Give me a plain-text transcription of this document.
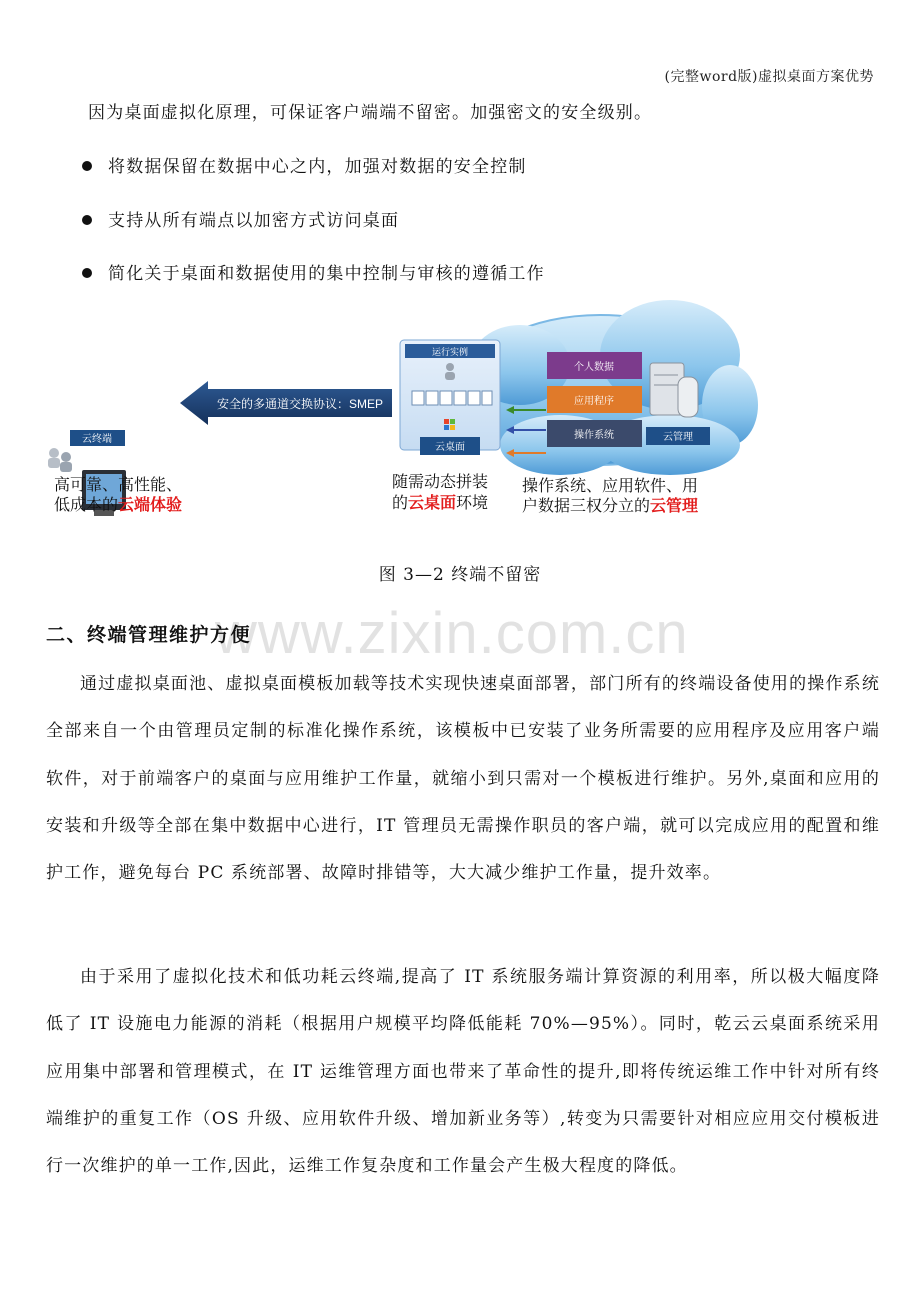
(完整word版)虚拟桌面方案优势

因为桌面虚拟化原理，可保证客户端端不留密。加强密文的安全级别。

将数据保留在数据中心之内，加强对数据的安全控制
支持从所有端点以加密方式访问桌面
简化关于桌面和数据使用的集中控制与审核的遵循工作
个人数据
应用程序
操作系统	云管理
运行实例
云桌面
安全的多通道交换协议：SMEP
云终端
高可靠、高性能、
低成本的云端体验
随需动态拼装
的云桌面环境
操作系统、应用软件、用
户数据三权分立的云管理
图 3—2 终端不留密
www.zixin.com.cn
二、终端管理维护方便

通过虚拟桌面池、虚拟桌面模板加载等技术实现快速桌面部署，部门所有的终端设备使用的操作系统全部来自一个由管理员定制的标准化操作系统，该模板中已安装了业务所需要的应用程序及应用客户端软件，对于前端客户的桌面与应用维护工作量，就缩小到只需对一个模板进行维护。另外,桌面和应用的安装和升级等全部在集中数据中心进行，IT 管理员无需操作职员的客户端，就可以完成应用的配置和维护工作，避免每台 PC 系统部署、故障时排错等，大大减少维护工作量，提升效率。

由于采用了虚拟化技术和低功耗云终端,提高了 IT 系统服务端计算资源的利用率，所以极大幅度降低了 IT 设施电力能源的消耗（根据用户规模平均降低能耗 70%—95%）。同时，乾云云桌面系统采用应用集中部署和管理模式，在 IT 运维管理方面也带来了革命性的提升,即将传统运维工作中针对所有终端维护的重复工作（OS 升级、应用软件升级、增加新业务等）,转变为只需要针对相应应用交付模板进行一次维护的单一工作,因此，运维工作复杂度和工作量会产生极大程度的降低。
